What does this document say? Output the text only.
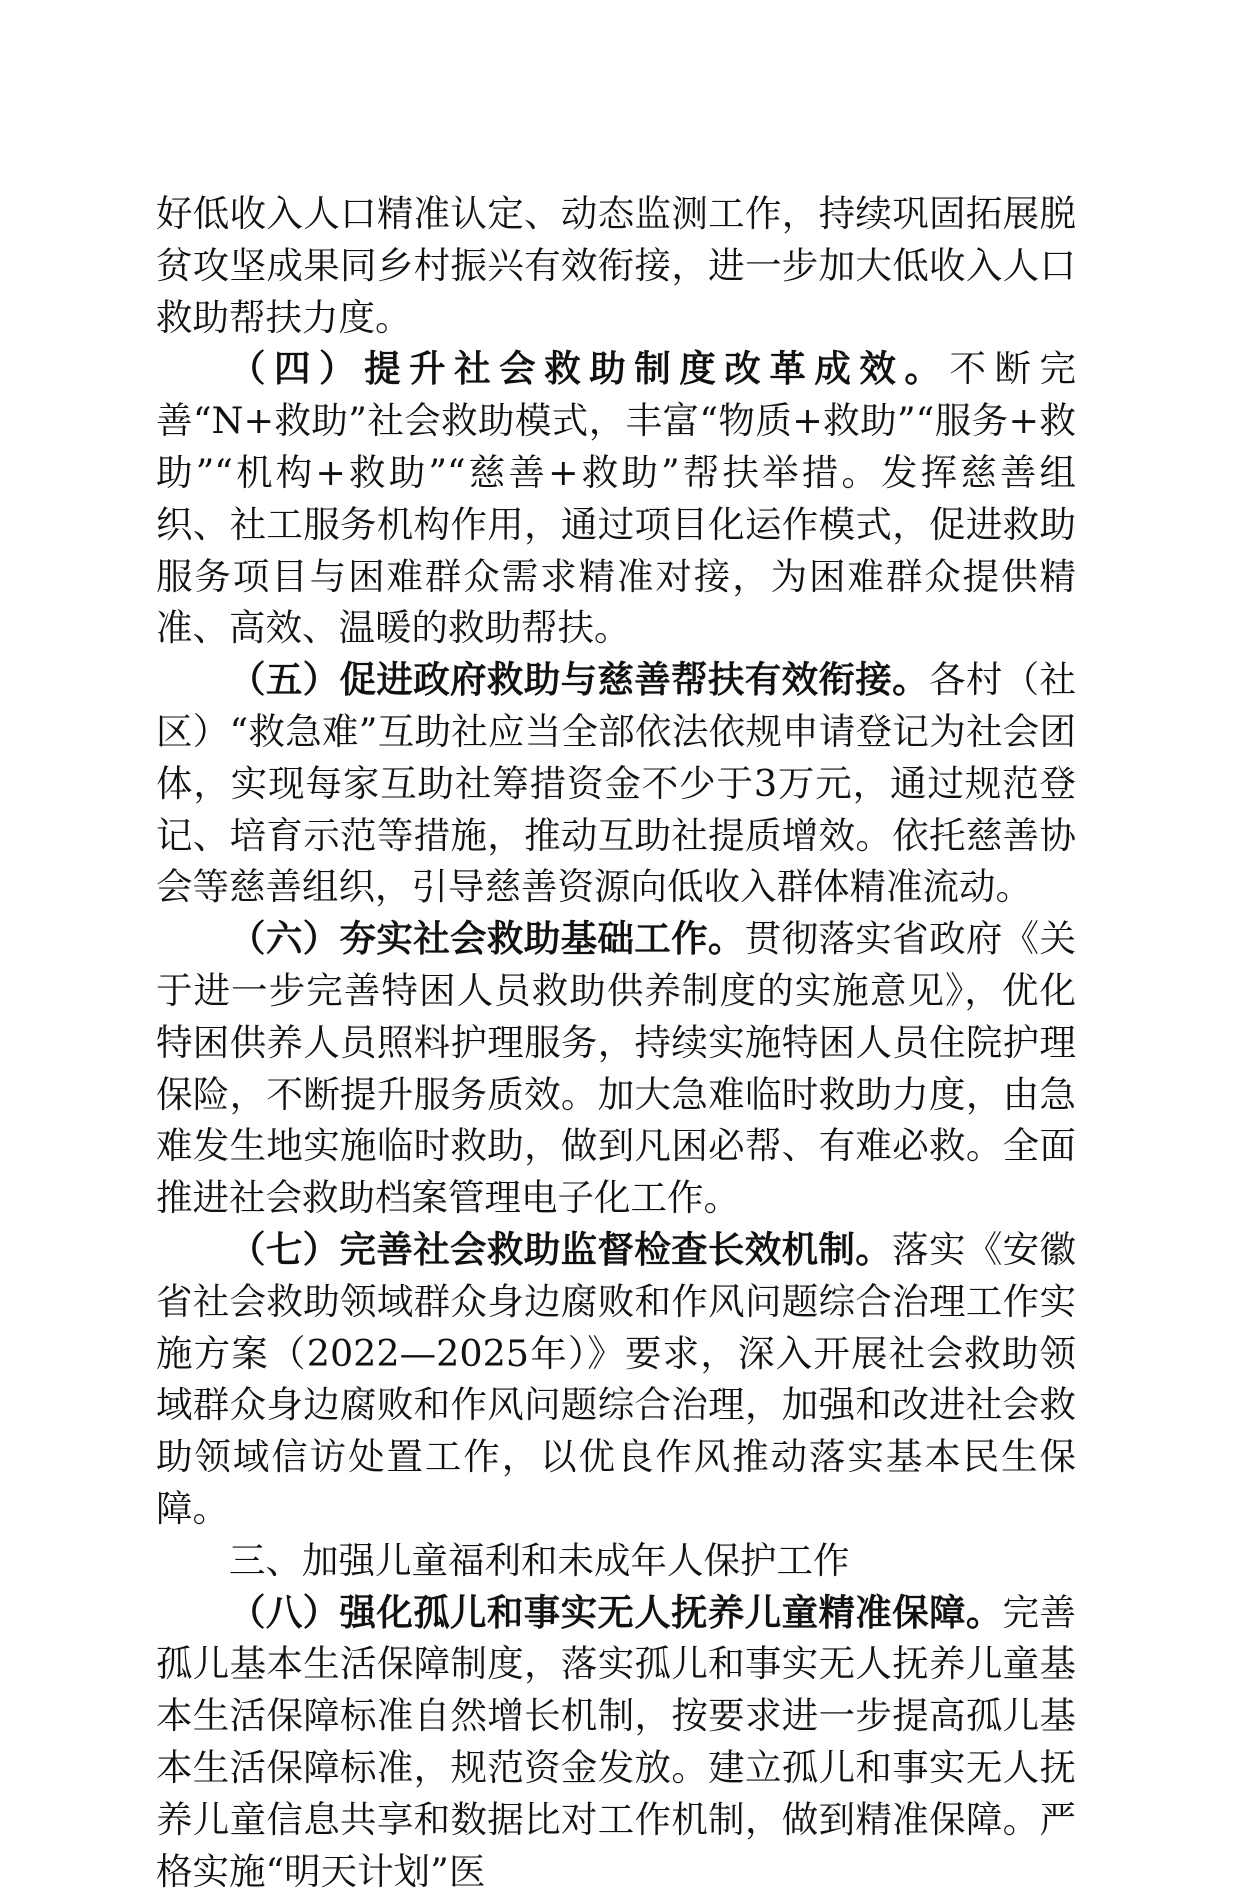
好低收入人口精准认定、动态监测工作，持续巩固拓展脱贫攻坚成果同乡村振兴有效衔接，进一步加大低收入人口救助帮扶力度。

（四）提升社会救助制度改革成效。不断完善“N+救助”社会救助模式，丰富“物质+救助”“服务+救助”“机构+救助”“慈善+救助”帮扶举措。发挥慈善组织、社工服务机构作用，通过项目化运作模式，促进救助服务项目与困难群众需求精准对接，为困难群众提供精准、高效、温暖的救助帮扶。

（五）促进政府救助与慈善帮扶有效衔接。各村（社区）“救急难”互助社应当全部依法依规申请登记为社会团体，实现每家互助社筹措资金不少于3万元，通过规范登记、培育示范等措施，推动互助社提质增效。依托慈善协会等慈善组织，引导慈善资源向低收入群体精准流动。

（六）夯实社会救助基础工作。贯彻落实省政府《关于进一步完善特困人员救助供养制度的实施意见》，优化特困供养人员照料护理服务，持续实施特困人员住院护理保险，不断提升服务质效。加大急难临时救助力度，由急难发生地实施临时救助，做到凡困必帮、有难必救。全面推进社会救助档案管理电子化工作。

（七）完善社会救助监督检查长效机制。落实《安徽省社会救助领域群众身边腐败和作风问题综合治理工作实施方案（2022—2025年）》要求，深入开展社会救助领域群众身边腐败和作风问题综合治理，加强和改进社会救助领域信访处置工作，以优良作风推动落实基本民生保障。

三、加强儿童福利和未成年人保护工作

（八）强化孤儿和事实无人抚养儿童精准保障。完善孤儿基本生活保障制度，落实孤儿和事实无人抚养儿童基本生活保障标准自然增长机制，按要求进一步提高孤儿基本生活保障标准，规范资金发放。建立孤儿和事实无人抚养儿童信息共享和数据比对工作机制，做到精准保障。严格实施“明天计划”医
